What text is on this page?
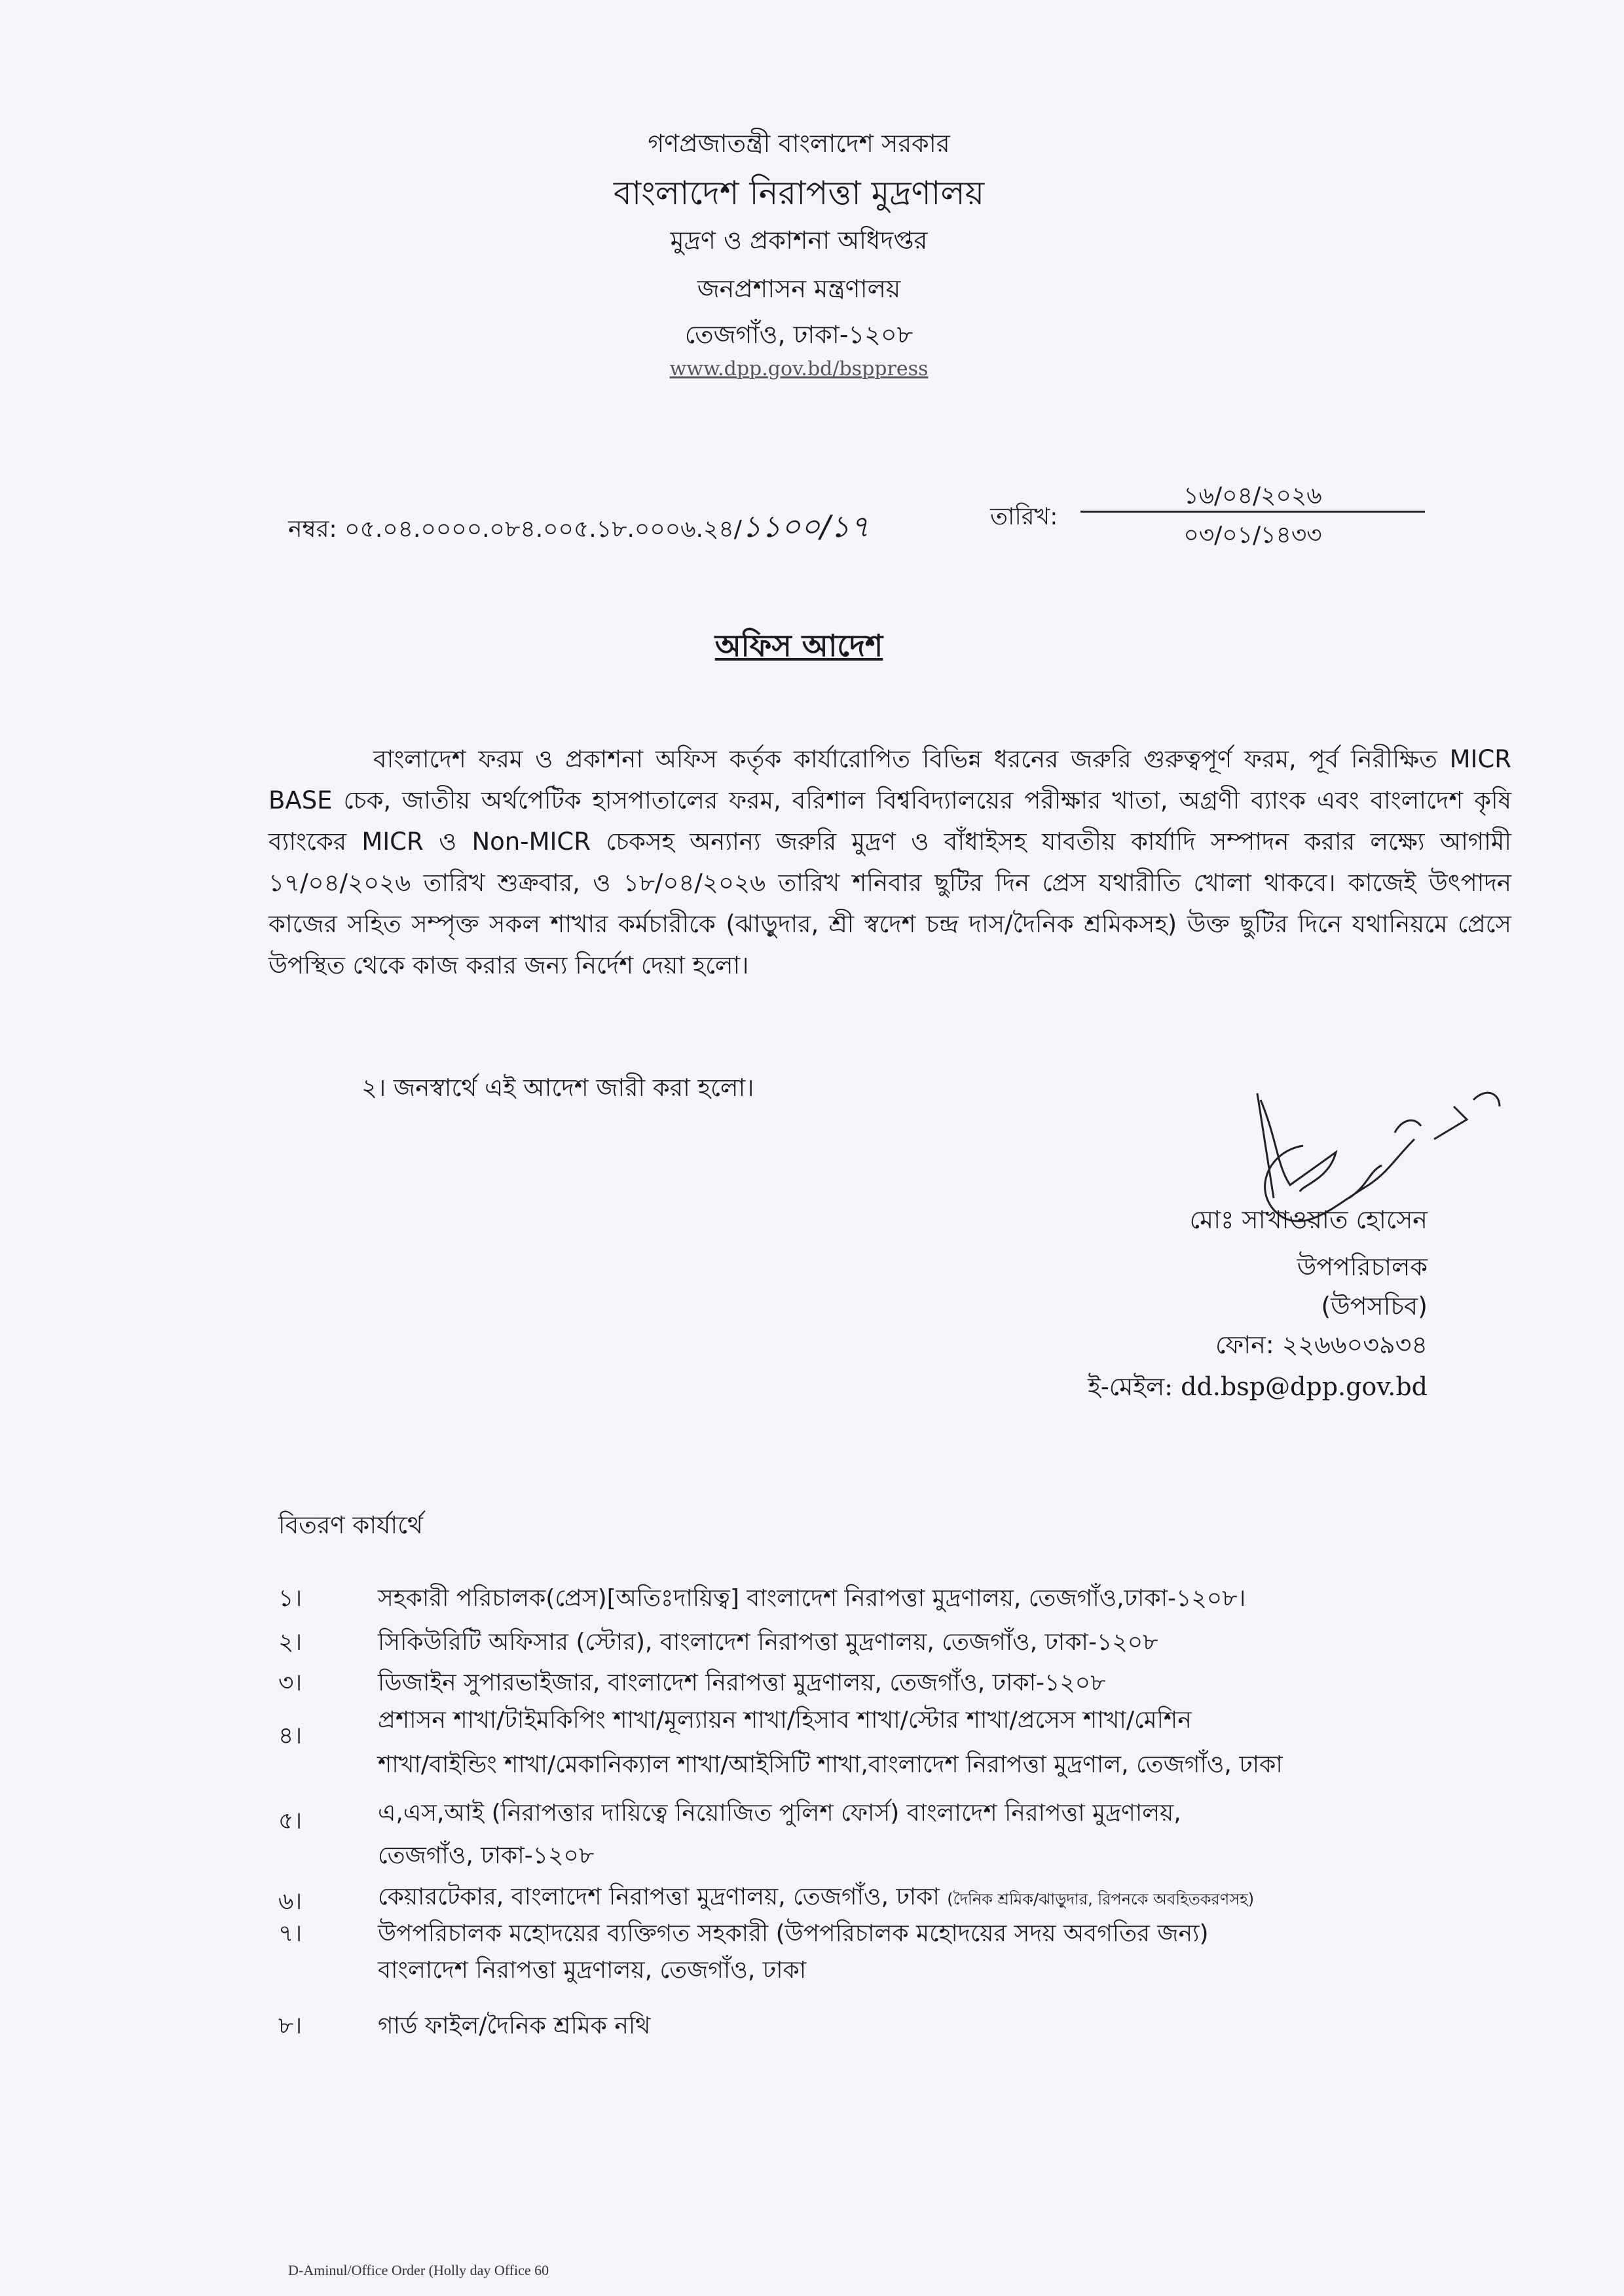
গণপ্রজাতন্ত্রী বাংলাদেশ সরকার
বাংলাদেশ নিরাপত্তা মুদ্রণালয়
মুদ্রণ ও প্রকাশনা অধিদপ্তর
জনপ্রশাসন মন্ত্রণালয়
তেজগাঁও, ঢাকা-১২০৮
www.dpp.gov.bd/bsppress
নম্বর: ০৫.০৪.০০০০.০৮৪.০০৫.১৮.০০০৬.২৪/১১০০/১৭	তারিখ:
১৬/০৪/২০২৬
০৩/০১/১৪৩৩
অফিস আদেশ
বাংলাদেশ ফরম ও প্রকাশনা অফিস কর্তৃক কার্যারোপিত বিভিন্ন ধরনের জরুরি গুরুত্বপূর্ণ ফরম, পূর্ব নিরীক্ষিত MICR BASE চেক, জাতীয় অর্থপেটিক হাসপাতালের ফরম, বরিশাল বিশ্ববিদ্যালয়ের পরীক্ষার খাতা, অগ্রণী ব্যাংক এবং বাংলাদেশ কৃষি ব্যাংকের MICR ও Non-MICR চেকসহ অন্যান্য জরুরি মুদ্রণ ও বাঁধাইসহ যাবতীয় কার্যাদি সম্পাদন করার লক্ষ্যে আগামী ১৭/০৪/২০২৬ তারিখ শুক্রবার, ও ১৮/০৪/২০২৬ তারিখ শনিবার ছুটির দিন প্রেস যথারীতি খোলা থাকবে। কাজেই উৎপাদন কাজের সহিত সম্পৃক্ত সকল শাখার কর্মচারীকে (ঝাড়ুদার, শ্রী স্বদেশ চন্দ্র দাস/দৈনিক শ্রমিকসহ) উক্ত ছুটির দিনে যথানিয়মে প্রেসে উপস্থিত থেকে কাজ করার জন্য নির্দেশ দেয়া হলো।
২। জনস্বার্থে এই আদেশ জারী করা হলো।
মোঃ সাখাওয়াত হোসেন
উপপরিচালক
(উপসচিব)
ফোন: ২২৬৬০৩৯৩৪
ই-মেইল: dd.bsp@dpp.gov.bd
বিতরণ কার্যার্থে
১।	সহকারী পরিচালক(প্রেস)[অতিঃদায়িত্ব] বাংলাদেশ নিরাপত্তা মুদ্রণালয়, তেজগাঁও,ঢাকা-১২০৮।
২।	সিকিউরিটি অফিসার (স্টোর), বাংলাদেশ নিরাপত্তা মুদ্রণালয়, তেজগাঁও, ঢাকা-১২০৮
৩।	ডিজাইন সুপারভাইজার, বাংলাদেশ নিরাপত্তা মুদ্রণালয়, তেজগাঁও, ঢাকা-১২০৮
৪।
প্রশাসন শাখা/টাইমকিপিং শাখা/মূল্যায়ন শাখা/হিসাব শাখা/স্টোর শাখা/প্রসেস শাখা/মেশিন
শাখা/বাইন্ডিং শাখা/মেকানিক্যাল শাখা/আইসিটি শাখা,বাংলাদেশ নিরাপত্তা মুদ্রণাল, তেজগাঁও, ঢাকা
৫।	এ,এস,আই (নিরাপত্তার দায়িত্বে নিয়োজিত পুলিশ ফোর্স) বাংলাদেশ নিরাপত্তা মুদ্রণালয়,
তেজগাঁও, ঢাকা-১২০৮
৬।	কেয়ারটেকার, বাংলাদেশ নিরাপত্তা মুদ্রণালয়, তেজগাঁও, ঢাকা (দৈনিক শ্রমিক/ঝাড়ুদার, রিপনকে অবহিতকরণসহ)
৭।	উপপরিচালক মহোদয়ের ব্যক্তিগত সহকারী (উপপরিচালক মহোদয়ের সদয় অবগতির জন্য)
বাংলাদেশ নিরাপত্তা মুদ্রণালয়, তেজগাঁও, ঢাকা
৮।	গার্ড ফাইল/দৈনিক শ্রমিক নথি
D-Aminul/Office Order (Holly day Office 60
